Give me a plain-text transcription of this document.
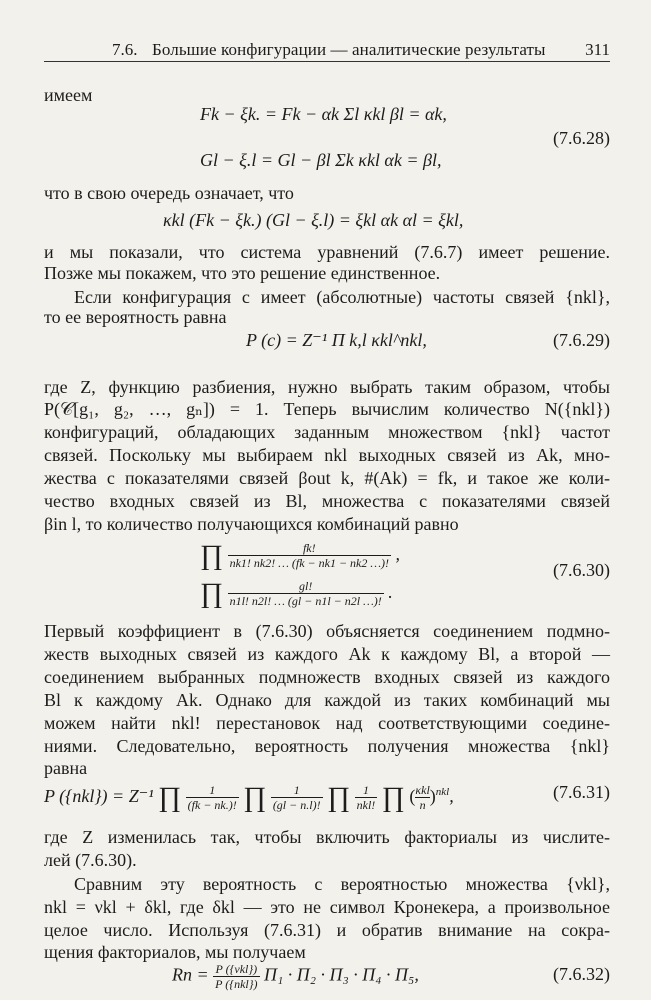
7.6. Большие конфигурации — аналитические результаты 311
имеем
Fk − ξk. = Fk − αk Σl κkl βl = αk,
Gl − ξ.l = Gl − βl Σk κkl αk = βl,
(7.6.28)
что в свою очередь означает, что
κkl (Fk − ξk.) (Gl − ξ.l) = ξkl αk αl = ξkl,
и мы показали, что система уравнений (7.6.7) имеет решение.
Позже мы покажем, что это решение единственное.
Если конфигурация c имеет (абсолютные) частоты связей {nkl},
то ее вероятность равна
P (c) = Z⁻¹ Π k,l κkl^nkl,	(7.6.29)
где Z, функцию разбиения, нужно выбрать таким образом, чтобы
P(𝒞[g₁, g₂, …, gₙ]) = 1. Теперь вычислим количество N({nkl})
конфигураций, обладающих заданным множеством {nkl} частот
связей. Поскольку мы выбираем nkl выходных связей из Ak, мно-
жества с показателями связей βout k, #(Ak) = fk, и такое же коли-
чество входных связей из Bl, множества с показателями связей
βin l, то количество получающихся комбинаций равно
∏ $\frac{fk!}{nk1! nk2! \dots (fk - nk1 - nk2 \dots)!}$ ,
∏ $\frac{gl!}{n1l! n2l! \dots (gl - n1l - n2l \dots)!}$ .
(7.6.30)
Первый коэффициент в (7.6.30) объясняется соединением подмно-
жеств выходных связей из каждого Ak к каждому Bl, а второй —
соединением выбранных подмножеств входных связей из каждого
Bl к каждому Ak. Однако для каждой из таких комбинаций мы
можем найти nkl! перестановок над соответствующими соедине-
ниями. Следовательно, вероятность получения множества {nkl}
равна
P ({nkl}) = Z⁻¹ ∏ $\frac{1}{(fk - nk.)!}$ ∏ $\frac{1}{(gl - n.l)!}$ ∏ $\frac{1}{\text{nkl!}}$ ∏ ( $\frac{\text{κkl}}{n} )^{nkl}$,	(7.6.31)
где Z изменилась так, чтобы включить факториалы из числите-
лей (7.6.30).
Сравним эту вероятность с вероятностью множества {νkl},
nkl = νkl + δkl, где δkl — это не символ Кронекера, а произвольное
целое число. Используя (7.6.31) и обратив внимание на сокра-
щения факториалов, мы получаем
$Rn = \frac{\text{P (\{νkl\})}}{\text{P (\{nkl\})}} \Pi_1 \cdot \Pi_2 \cdot \Pi_3 \cdot \Pi_4 \cdot \Pi_5$,	(7.6.32)
